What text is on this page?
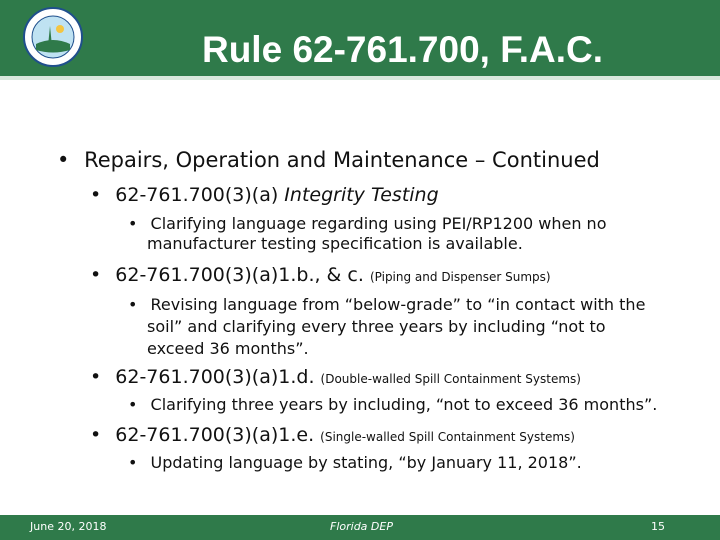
Rule 62-761.700, F.A.C.
• Repairs, Operation and Maintenance – Continued
• 62-761.700(3)(a) Integrity Testing
• Clarifying language regarding using PEI/RP1200 when no
manufacturer testing specification is available.
• 62-761.700(3)(a)1.b., & c. (Piping and Dispenser Sumps)
• Revising language from “below-grade” to “in contact with the
soil” and clarifying every three years by including “not to
exceed 36 months”.
• 62-761.700(3)(a)1.d. (Double-walled Spill Containment Systems)
• Clarifying three years by including, “not to exceed 36 months”.
• 62-761.700(3)(a)1.e. (Single-walled Spill Containment Systems)
• Updating language by stating, “by January 11, 2018”.
June 20, 2018	Florida DEP	15
